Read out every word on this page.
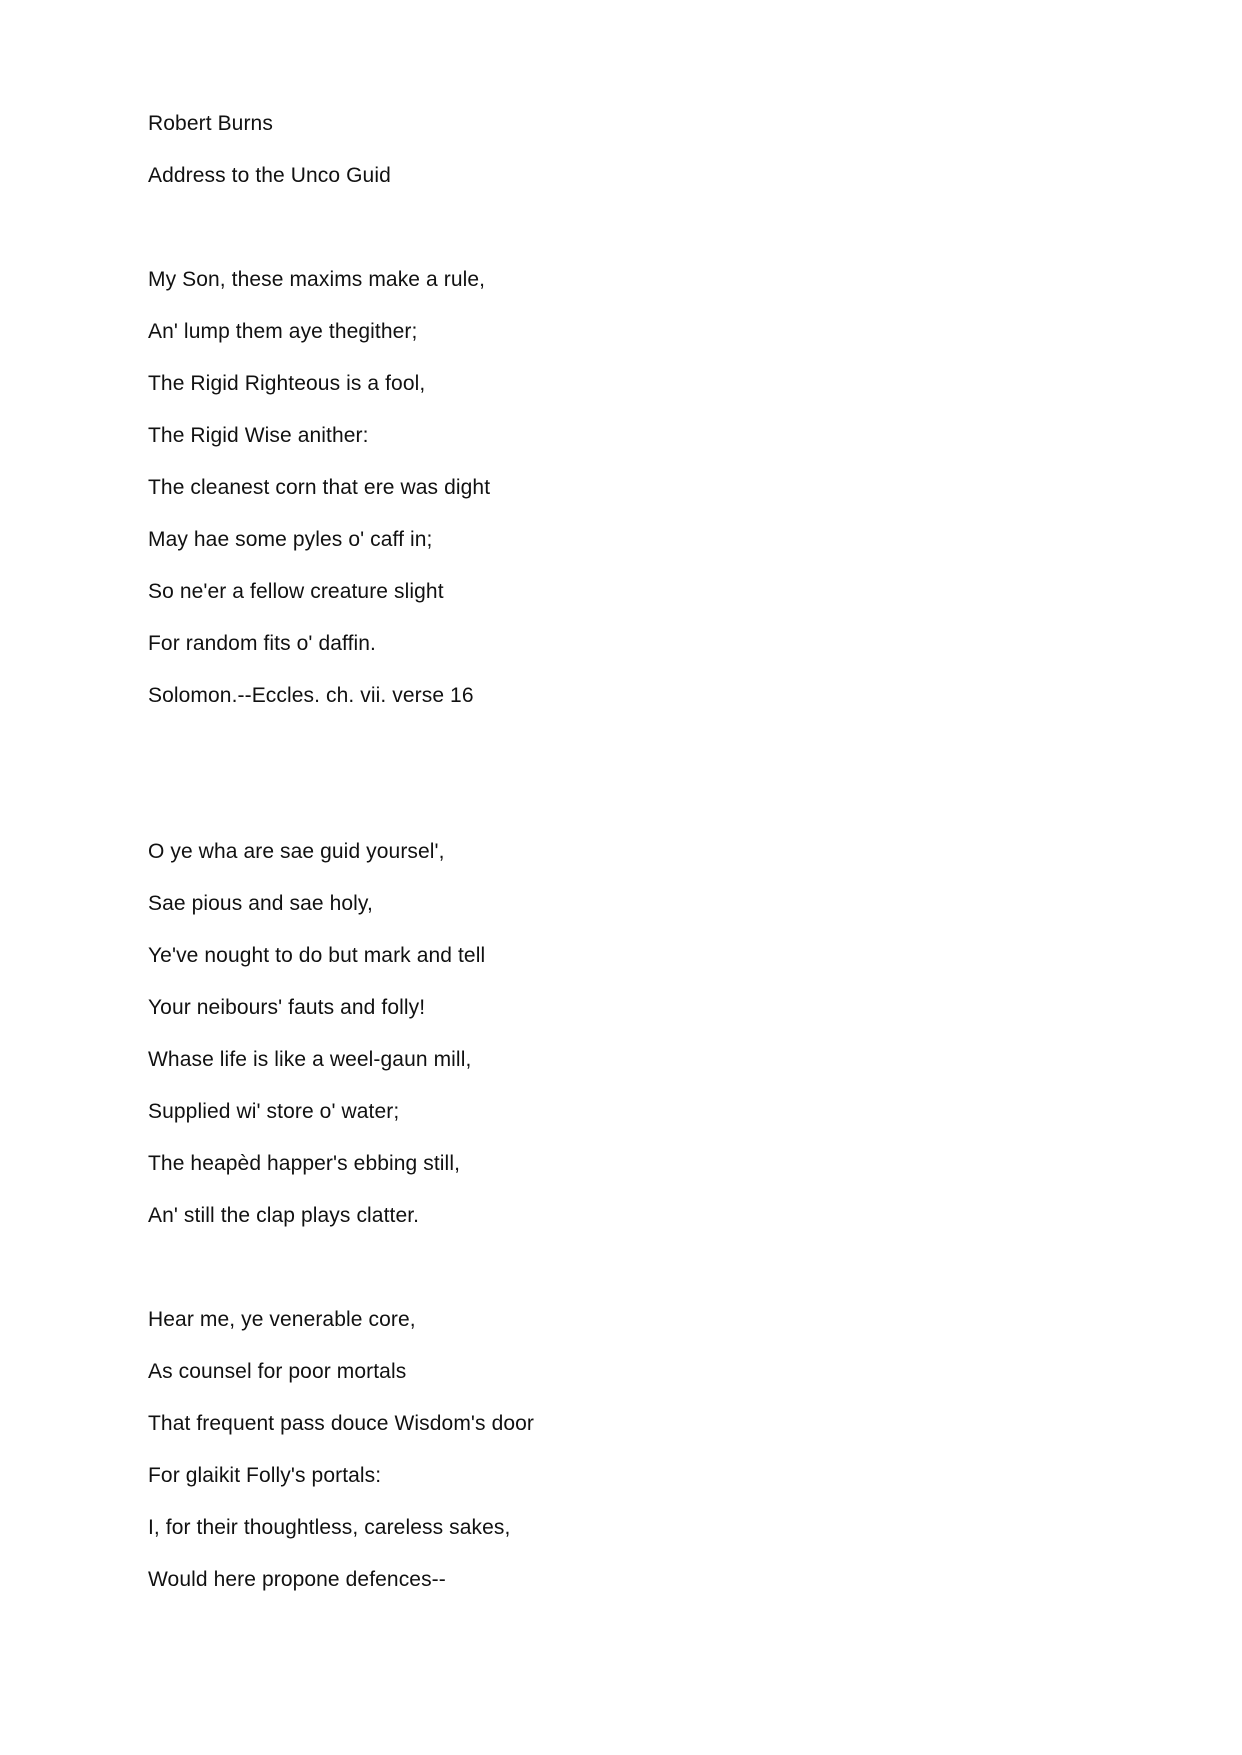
Robert Burns
Address to the Unco Guid
My Son, these maxims make a rule,
An' lump them aye thegither;
The Rigid Righteous is a fool,
The Rigid Wise anither:
The cleanest corn that ere was dight
May hae some pyles o' caff in;
So ne'er a fellow creature slight
For random fits o' daffin.
Solomon.--Eccles. ch. vii. verse 16
O ye wha are sae guid yoursel',
Sae pious and sae holy,
Ye've nought to do but mark and tell
Your neibours' fauts and folly!
Whase life is like a weel-gaun mill,
Supplied wi' store o' water;
The heapèd happer's ebbing still,
An' still the clap plays clatter.
Hear me, ye venerable core,
As counsel for poor mortals
That frequent pass douce Wisdom's door
For glaikit Folly's portals:
I, for their thoughtless, careless sakes,
Would here propone defences--
